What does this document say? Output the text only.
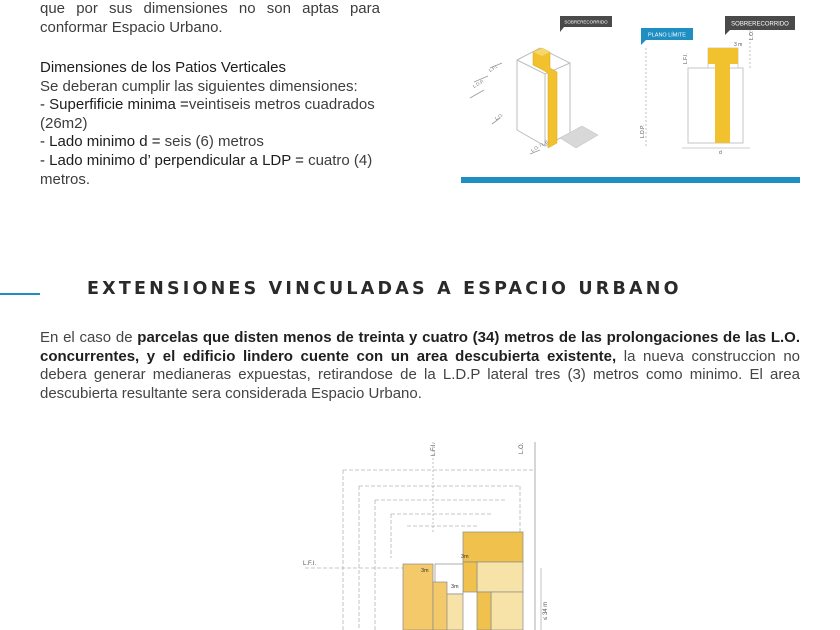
que por sus dimensiones no son aptas para
conformar Espacio Urbano.
Dimensiones de los Patios Verticales
Se deberan cumplir las siguientes dimensiones:
- Superfificie minima =veintiseis metros cuadrados
(26m2)
- Lado minimo d = seis (6) metros
- Lado minimo d’ perpendicular a LDP = cuatro (4)
metros.
L.F.I.
L.D.P.
L.O.
L.O. / L.E.
SOBRERECORRIDO
L.F.I.
L.O.
L.D.P.
3 m
d
PLANO LÍMITE
SOBRERECORRIDO
EXTENSIONES VINCULADAS A ESPACIO URBANO
En el caso de parcelas que disten menos de treinta y cuatro (34) metros de las prolongaciones de las L.O. concurrentes, y el edificio lindero cuente con un area descubierta existente, la nueva construccion no debera generar medianeras expuestas, retirandose de la L.D.P lateral tres (3) metros como minimo. El area descubierta resultante sera considerada Espacio Urbano.
L.F.I.	L.O.
L.F.I.
3m
3m
3m
≤ 34 m
